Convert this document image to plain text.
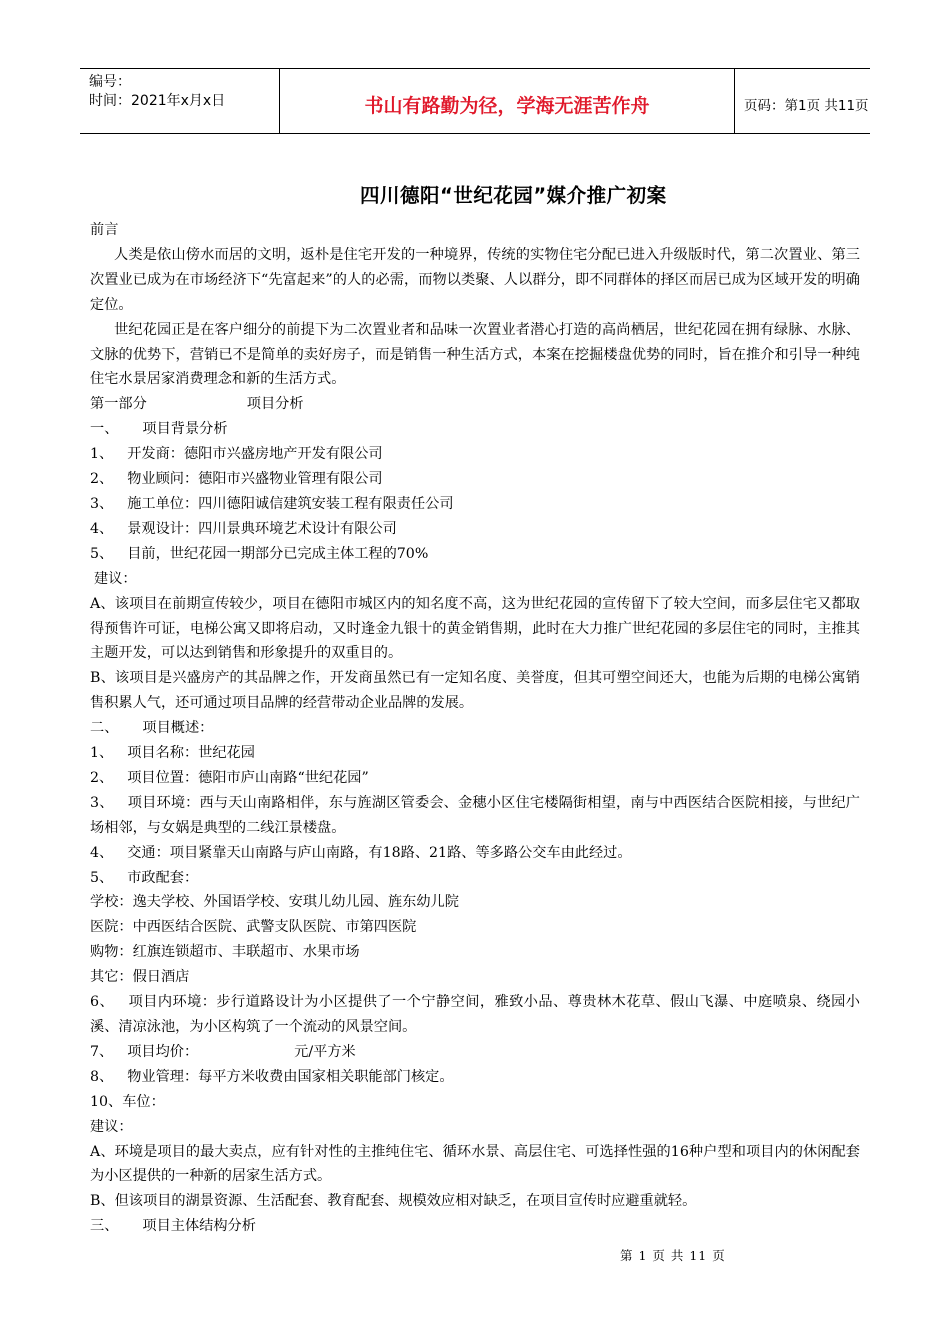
编号：
时间：2021年x月x日	书山有路勤为径，学海无涯苦作舟	页码：第1页 共11页
四川德阳“世纪花园”媒介推广初案

前言

人类是依山傍水而居的文明，返朴是住宅开发的一种境界，传统的实物住宅分配已进入升级版时代，第二次置业、第三次置业已成为在市场经济下“先富起来”的人的必需，而物以类聚、人以群分，即不同群体的择区而居已成为区域开发的明确定位。

世纪花园正是在客户细分的前提下为二次置业者和品味一次置业者潜心打造的高尚栖居，世纪花园在拥有绿脉、水脉、文脉的优势下，营销已不是简单的卖好房子，而是销售一种生活方式，本案在挖掘楼盘优势的同时，旨在推介和引导一种纯住宅水景居家消费理念和新的生活方式。

第一部分	项目分析

一、 项目背景分析

1、 开发商：德阳市兴盛房地产开发有限公司

2、 物业顾问：德阳市兴盛物业管理有限公司

3、 施工单位：四川德阳诚信建筑安装工程有限责任公司

4、 景观设计：四川景典环境艺术设计有限公司

5、 目前，世纪花园一期部分已完成主体工程的70%

建议：

A、该项目在前期宣传较少，项目在德阳市城区内的知名度不高，这为世纪花园的宣传留下了较大空间，而多层住宅又都取得预售许可证，电梯公寓又即将启动，又时逢金九银十的黄金销售期，此时在大力推广世纪花园的多层住宅的同时，主推其主题开发，可以达到销售和形象提升的双重目的。

B、该项目是兴盛房产的其品牌之作，开发商虽然已有一定知名度、美誉度，但其可塑空间还大，也能为后期的电梯公寓销售积累人气，还可通过项目品牌的经营带动企业品牌的发展。

二、 项目概述：

1、 项目名称：世纪花园

2、 项目位置：德阳市庐山南路“世纪花园”

3、 项目环境：西与天山南路相伴，东与旌湖区管委会、金穗小区住宅楼隔街相望，南与中西医结合医院相接，与世纪广场相邻，与女娲是典型的二线江景楼盘。

4、 交通：项目紧靠天山南路与庐山南路，有18路、21路、等多路公交车由此经过。

5、 市政配套：

学校：逸夫学校、外国语学校、安琪儿幼儿园、旌东幼儿院

医院：中西医结合医院、武警支队医院、市第四医院

购物：红旗连锁超市、丰联超市、水果市场

其它：假日酒店

6、 项目内环境：步行道路设计为小区提供了一个宁静空间，雅致小品、尊贵林木花草、假山飞瀑、中庭喷泉、绕园小溪、清凉泳池，为小区构筑了一个流动的风景空间。

7、 项目均价：	元/平方米

8、 物业管理：每平方米收费由国家相关职能部门核定。

10、车位：

建议：

A、环境是项目的最大卖点，应有针对性的主推纯住宅、循环水景、高层住宅、可选择性强的16种户型和项目内的休闲配套为小区提供的一种新的居家生活方式。

B、但该项目的湖景资源、生活配套、教育配套、规模效应相对缺乏，在项目宣传时应避重就轻。

三、 项目主体结构分析

第 1 页 共 11 页
